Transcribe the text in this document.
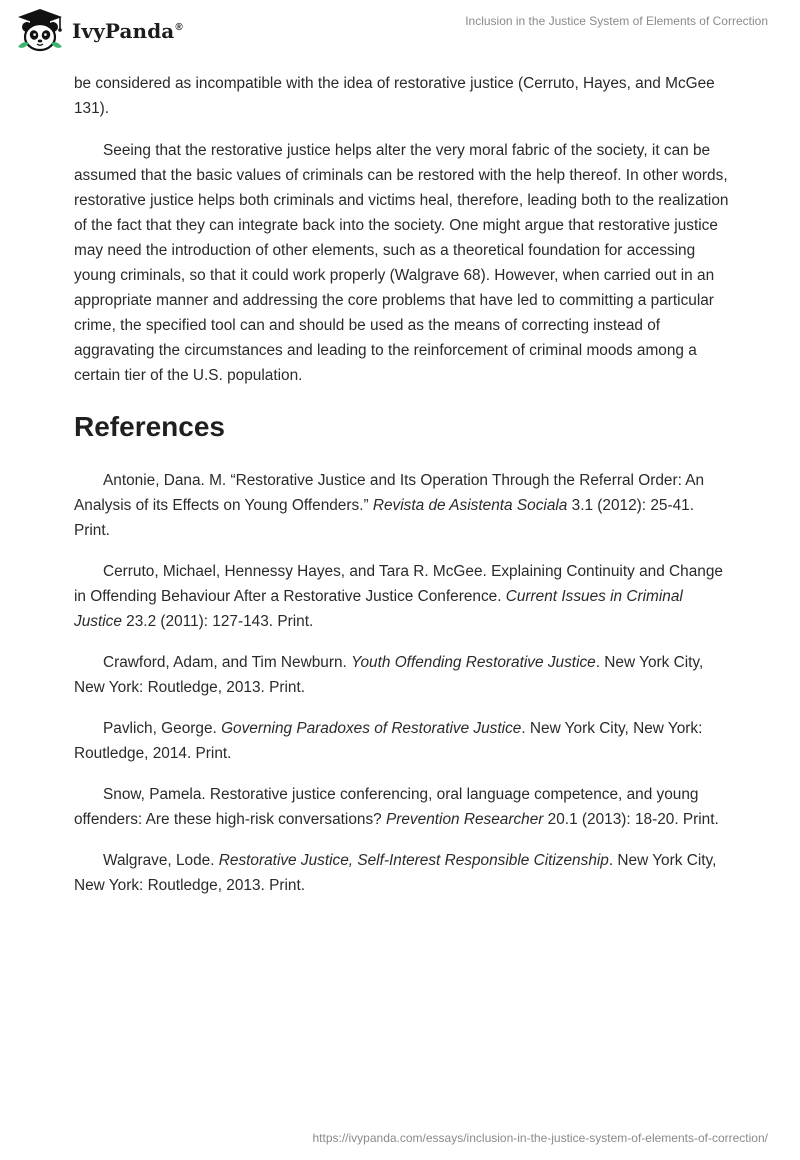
IvyPanda®	Inclusion in the Justice System of Elements of Correction

be considered as incompatible with the idea of restorative justice (Cerruto, Hayes, and McGee 131).

Seeing that the restorative justice helps alter the very moral fabric of the society, it can be assumed that the basic values of criminals can be restored with the help thereof. In other words, restorative justice helps both criminals and victims heal, therefore, leading both to the realization of the fact that they can integrate back into the society. One might argue that restorative justice may need the introduction of other elements, such as a theoretical foundation for accessing young criminals, so that it could work properly (Walgrave 68). However, when carried out in an appropriate manner and addressing the core problems that have led to committing a particular crime, the specified tool can and should be used as the means of correcting instead of aggravating the circumstances and leading to the reinforcement of criminal moods among a certain tier of the U.S. population.

References

Antonie, Dana. M. “Restorative Justice and Its Operation Through the Referral Order: An Analysis of its Effects on Young Offenders.” Revista de Asistenta Sociala 3.1 (2012): 25-41. Print.

Cerruto, Michael, Hennessy Hayes, and Tara R. McGee. Explaining Continuity and Change in Offending Behaviour After a Restorative Justice Conference. Current Issues in Criminal Justice 23.2 (2011): 127-143. Print.

Crawford, Adam, and Tim Newburn. Youth Offending Restorative Justice. New York City, New York: Routledge, 2013. Print.

Pavlich, George. Governing Paradoxes of Restorative Justice. New York City, New York: Routledge, 2014. Print.

Snow, Pamela. Restorative justice conferencing, oral language competence, and young offenders: Are these high-risk conversations? Prevention Researcher 20.1 (2013): 18-20. Print.

Walgrave, Lode. Restorative Justice, Self-Interest Responsible Citizenship. New York City, New York: Routledge, 2013. Print.

https://ivypanda.com/essays/inclusion-in-the-justice-system-of-elements-of-correction/
